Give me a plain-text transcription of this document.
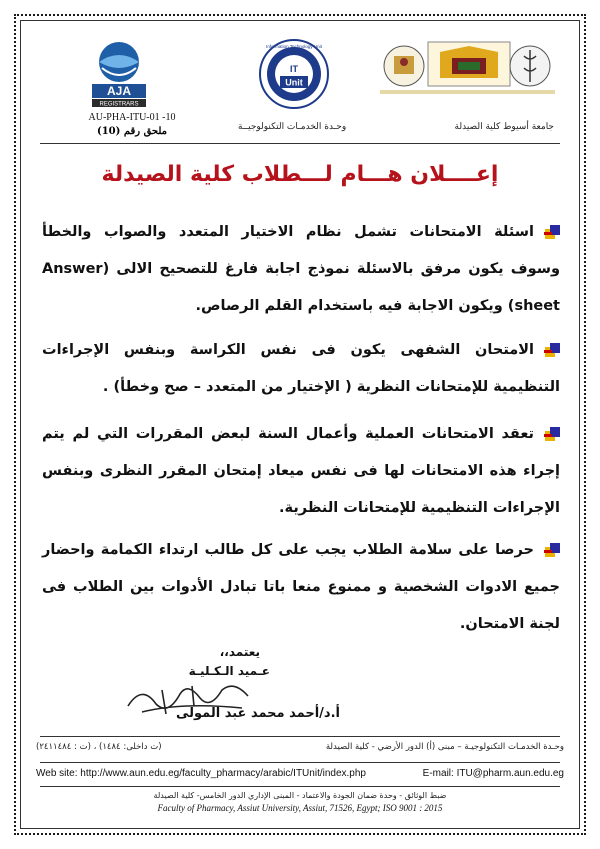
AJA
REGISTRARS
Information Technology Unit
IT
Unit
جامعة أسيوط كلية الصيدلة
وحـدة الخدمـات التكنولوجيــة
AU-PHA-ITU-01 -10
ملحق رقم (10)
إعــــلان هـــام لـــطلاب كلية الصيدلة
اسئلة الامتحانات تشمل نظام الاختيار المتعدد والصواب والخطأ وسوف يكون مرفق بالاسئلة نموذج اجابة فارغ للتصحيح الالى (Answer sheet) ويكون الاجابة فيه باستخدام القلم الرصاص.
الامتحان الشفهى يكون فى نفس الكراسة وبنفس الإجراءات التنظيمية للإمتحانات النظرية ( الإختيار من المتعدد – صح وخطأ) .
تعقد الامتحانات العملية وأعمال السنة لبعض المقررات التي لم يتم إجراء هذه الامتحانات لها فى نفس ميعاد إمتحان المقرر النظرى وبنفس الإجراءات التنظيمية للإمتحانات النظرية.
حرصا على سلامة الطلاب يجب على كل طالب ارتداء الكمامة واحضار جميع الادوات الشخصية و ممنوع منعا باتا تبادل الأدوات بين الطلاب فى لجنة الامتحان.
يعتمد،،
عـميد الـكـليـة
أ.د/أحمد محمد عبد المولى
وحـدة الخدمـات التكنولوجيـة – مبنى (أ) الدور الأرضي - كلية الصيدلة
(ت داخلى: ١٤٨٤) ، (ت : ٢٤١١٤٨٤)
Web site: http://www.aun.edu.eg/faculty_pharmacy/arabic/ITUnit/index.php	E-mail: ITU@pharm.aun.edu.eg
ضبط الوثائق - وحدة ضمان الجودة والاعتماد - المبنى الإداري الدور الخامس- كلية الصيدلة
Faculty of Pharmacy, Assiut University, Assiut, 71526, Egypt; ISO 9001 : 2015
